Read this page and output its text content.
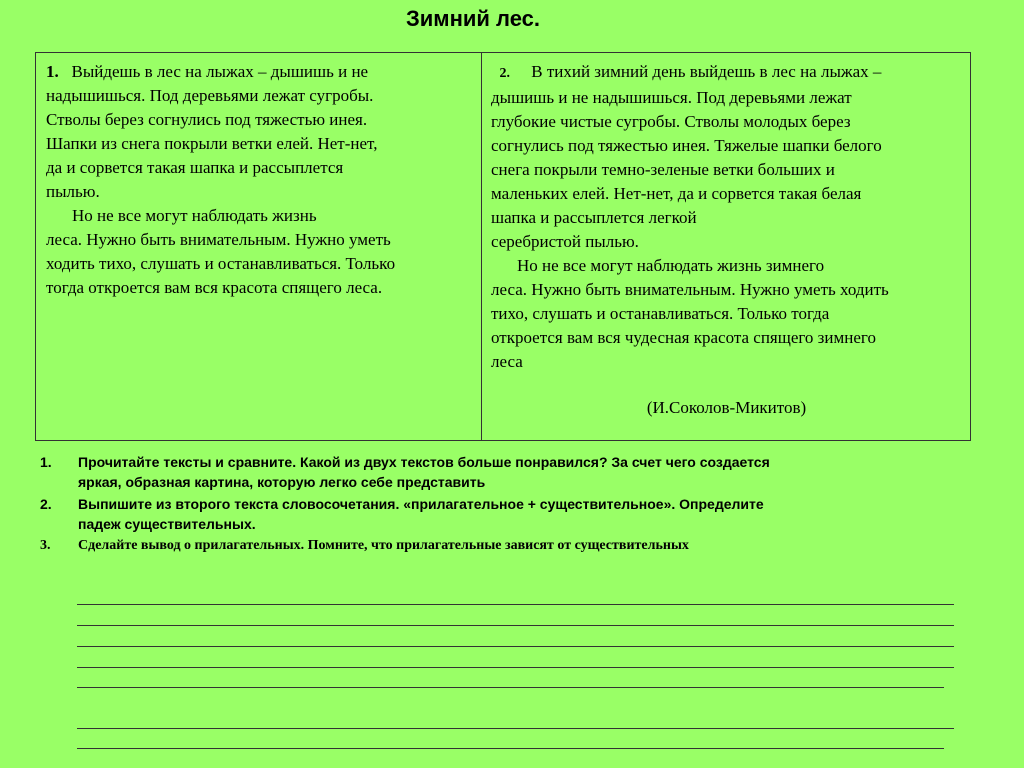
Зимний лес.
1. Выйдешь в лес на лыжах – дышишь и не
надышишься. Под деревьями лежат сугробы.
Стволы берез согнулись под тяжестью инея.
Шапки из снега покрыли ветки елей. Нет-нет,
да и сорвется такая шапка и рассыплется
пылью.
Но не все могут наблюдать жизнь
леса. Нужно быть внимательным. Нужно уметь
ходить тихо, слушать и останавливаться. Только
тогда откроется вам вся красота спящего леса.
2. В тихий зимний день выйдешь в лес на лыжах –
дышишь и не надышишься. Под деревьями лежат
глубокие чистые сугробы. Стволы молодых берез
согнулись под тяжестью инея. Тяжелые шапки белого
снега покрыли темно-зеленые ветки больших и
маленьких елей. Нет-нет, да и сорвется такая белая
шапка и рассыплется легкой
серебристой пылью.
Но не все могут наблюдать жизнь зимнего
леса. Нужно быть внимательным. Нужно уметь ходить
тихо, слушать и останавливаться. Только тогда
откроется вам вся чудесная красота спящего зимнего
леса
(И.Соколов-Микитов)
1.	Прочитайте тексты и сравните. Какой из двух текстов больше понравился? За счет чего создается
яркая, образная картина, которую легко себе представить
2.	Выпишите из второго текста словосочетания. «прилагательное + существительное». Определите
падеж существительных.
3.	Сделайте вывод о прилагательных. Помните, что прилагательные зависят от существительных
